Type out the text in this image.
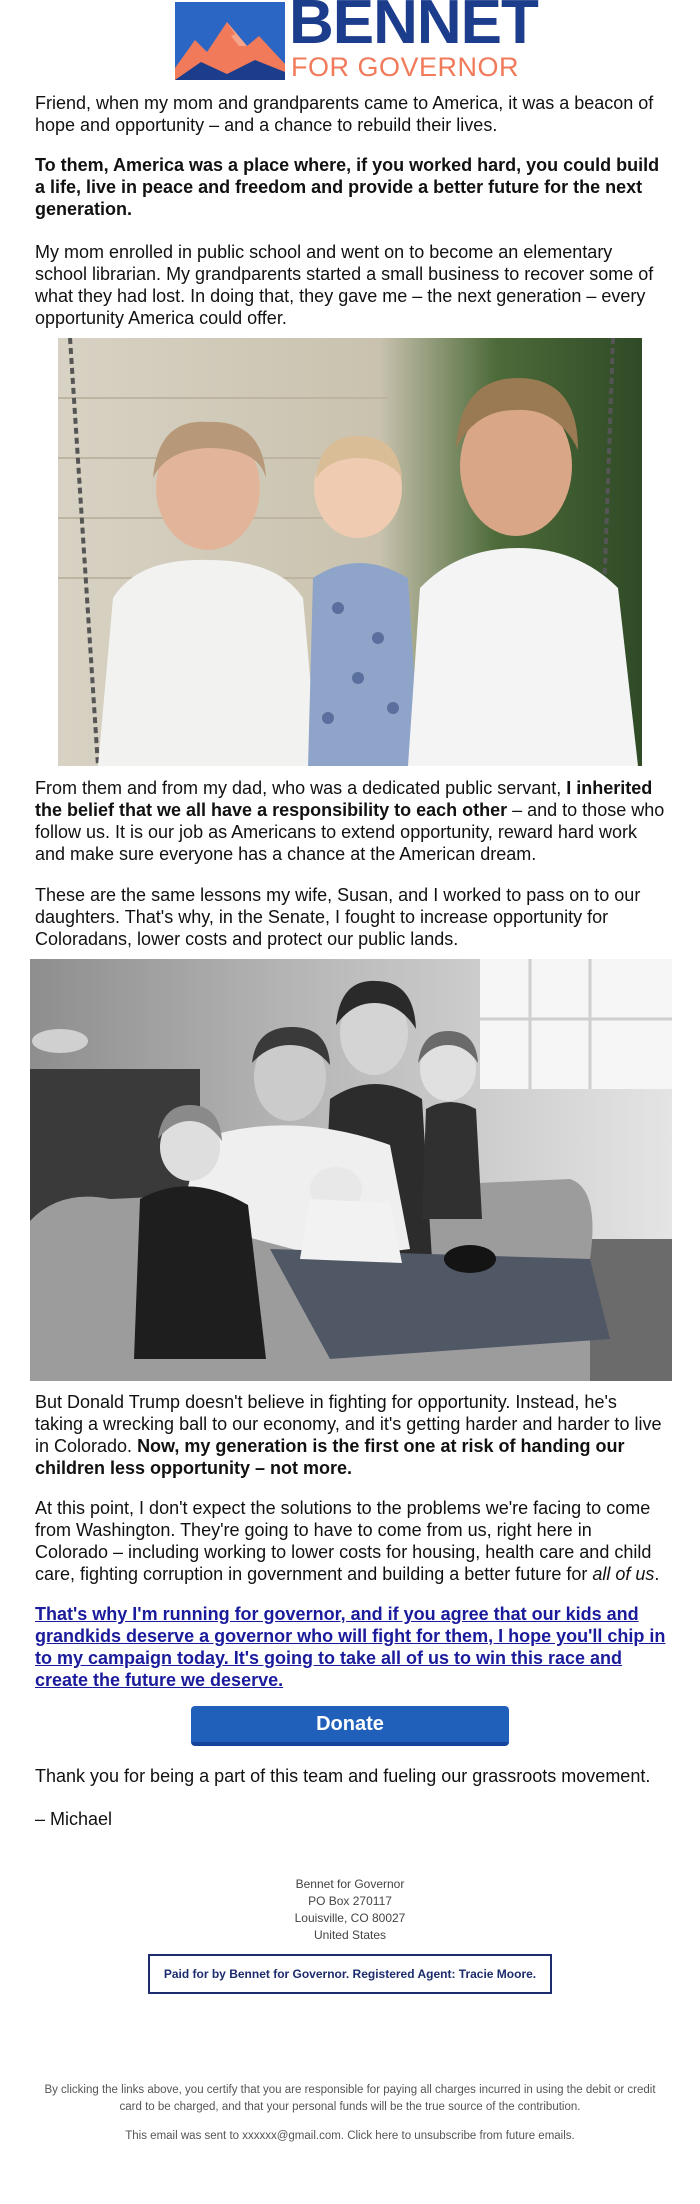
BENNET
FOR GOVERNOR

Friend, when my mom and grandparents came to America, it was a beacon of hope and opportunity – and a chance to rebuild their lives.

To them, America was a place where, if you worked hard, you could build a life, live in peace and freedom and provide a better future for the next generation.

My mom enrolled in public school and went on to become an elementary school librarian. My grandparents started a small business to recover some of what they had lost. In doing that, they gave me – the next generation – every opportunity America could offer.

From them and from my dad, who was a dedicated public servant, I inherited the belief that we all have a responsibility to each other – and to those who follow us. It is our job as Americans to extend opportunity, reward hard work and make sure everyone has a chance at the American dream.

These are the same lessons my wife, Susan, and I worked to pass on to our daughters. That's why, in the Senate, I fought to increase opportunity for Coloradans, lower costs and protect our public lands.

But Donald Trump doesn't believe in fighting for opportunity. Instead, he's taking a wrecking ball to our economy, and it's getting harder and harder to live in Colorado. Now, my generation is the first one at risk of handing our children less opportunity – not more.

At this point, I don't expect the solutions to the problems we're facing to come from Washington. They're going to have to come from us, right here in Colorado – including working to lower costs for housing, health care and child care, fighting corruption in government and building a better future for all of us.

That's why I'm running for governor, and if you agree that our kids and grandkids deserve a governor who will fight for them, I hope you'll chip in to my campaign today. It's going to take all of us to win this race and create the future we deserve.
Donate

Thank you for being a part of this team and fueling our grassroots movement.

– Michael

Bennet for Governor
PO Box 270117
Louisville, CO 80027
United States
Paid for by Bennet for Governor. Registered Agent: Tracie Moore.
By clicking the links above, you certify that you are responsible for paying all charges incurred in using the debit or credit card to be charged, and that your personal funds will be the true source of the contribution.
This email was sent to xxxxxx@gmail.com. Click here to unsubscribe from future emails.
